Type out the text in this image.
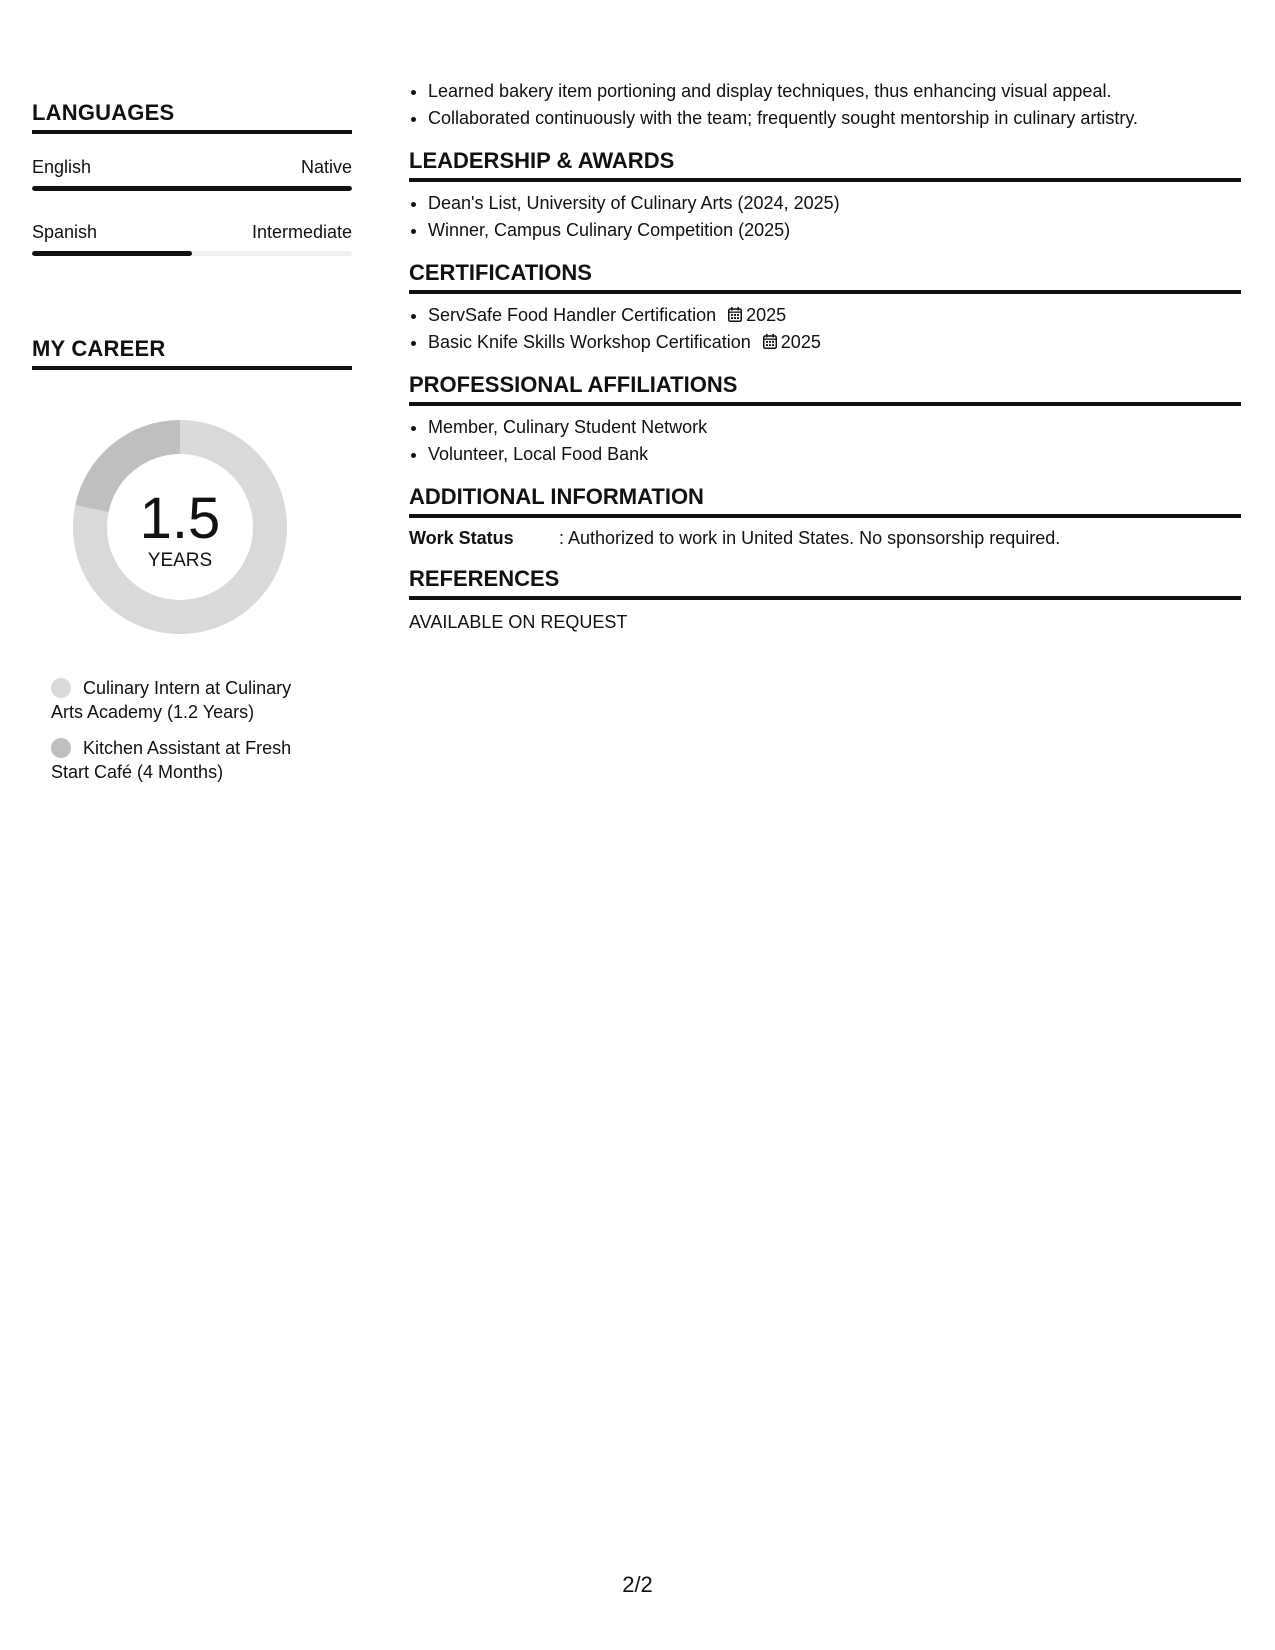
LANGUAGES
English	Native
Spanish	Intermediate
MY CAREER
1.5
YEARS
Culinary Intern at Culinary Arts Academy (1.2 Years)
Kitchen Assistant at Fresh Start Café (4 Months)
• Learned bakery item portioning and display techniques, thus enhancing visual appeal.
• Collaborated continuously with the team; frequently sought mentorship in culinary artistry.
LEADERSHIP & AWARDS
• Dean's List, University of Culinary Arts (2024, 2025)
• Winner, Campus Culinary Competition (2025)
CERTIFICATIONS
• ServSafe Food Handler Certification 2025
• Basic Knife Skills Workshop Certification 2025
PROFESSIONAL AFFILIATIONS
• Member, Culinary Student Network
• Volunteer, Local Food Bank
ADDITIONAL INFORMATION
Work Status	: Authorized to work in United States. No sponsorship required.
REFERENCES
AVAILABLE ON REQUEST
2/2
